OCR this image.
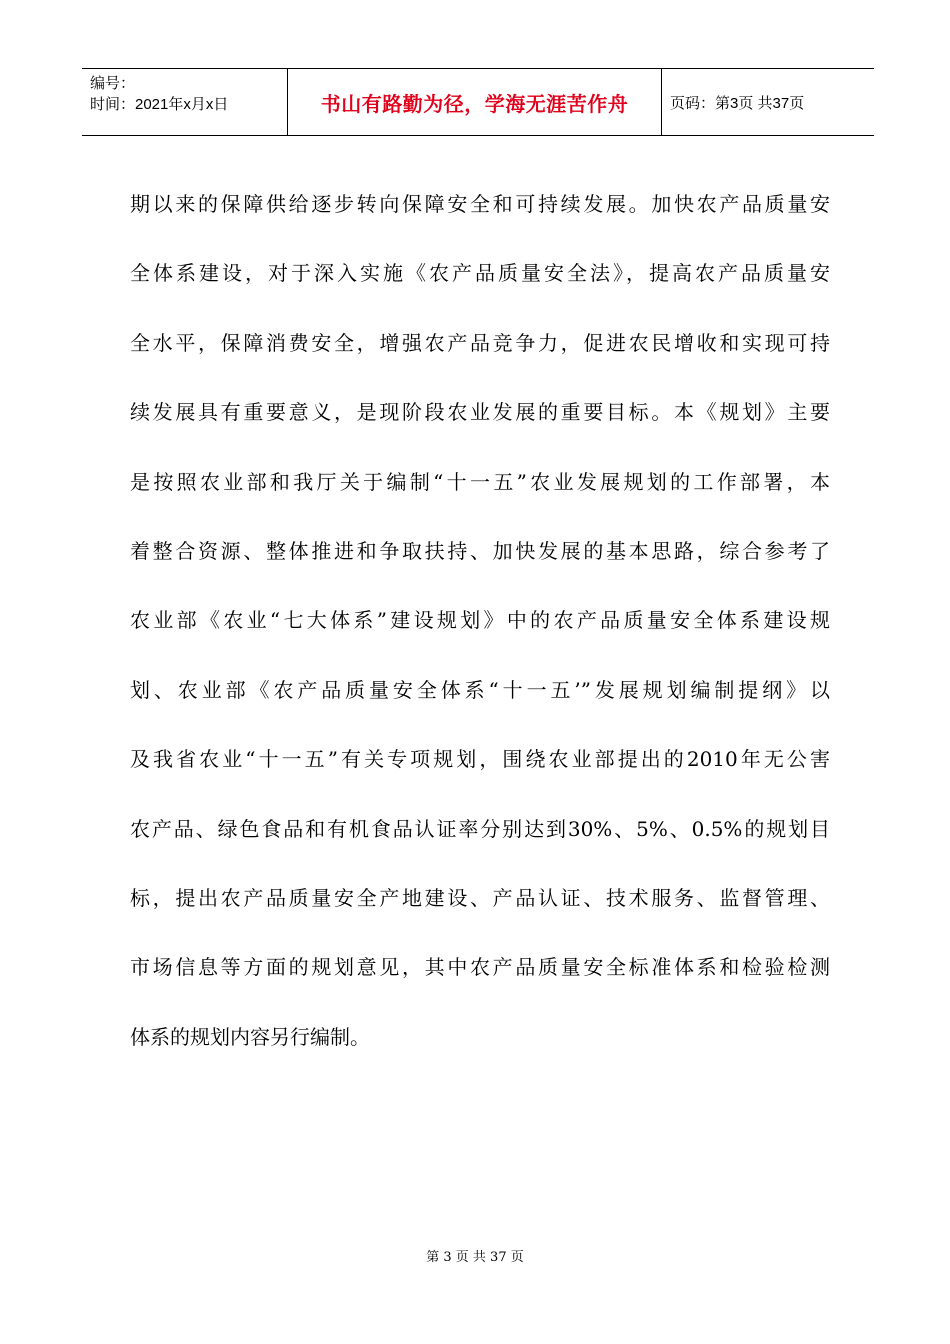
编号：
时间：2021年x月x日	书山有路勤为径，学海无涯苦作舟	页码：第3页 共37页
期以来的保障供给逐步转向保障安全和可持续发展。加快农产品质量安
全体系建设，对于深入实施《农产品质量安全法》，提高农产品质量安
全水平，保障消费安全，增强农产品竞争力，促进农民增收和实现可持
续发展具有重要意义，是现阶段农业发展的重要目标。本《规划》主要
是按照农业部和我厅关于编制“十一五”农业发展规划的工作部署，本
着整合资源、整体推进和争取扶持、加快发展的基本思路，综合参考了
农业部《农业“七大体系”建设规划》中的农产品质量安全体系建设规
划、农业部《农产品质量安全体系“十一五’”发展规划编制提纲》以
及我省农业“十一五”有关专项规划，围绕农业部提出的2010年无公害
农产品、绿色食品和有机食品认证率分别达到30%、5%、0.5%的规划目
标，提出农产品质量安全产地建设、产品认证、技术服务、监督管理、
市场信息等方面的规划意见，其中农产品质量安全标准体系和检验检测
体系的规划内容另行编制。
第 3 页 共 37 页
